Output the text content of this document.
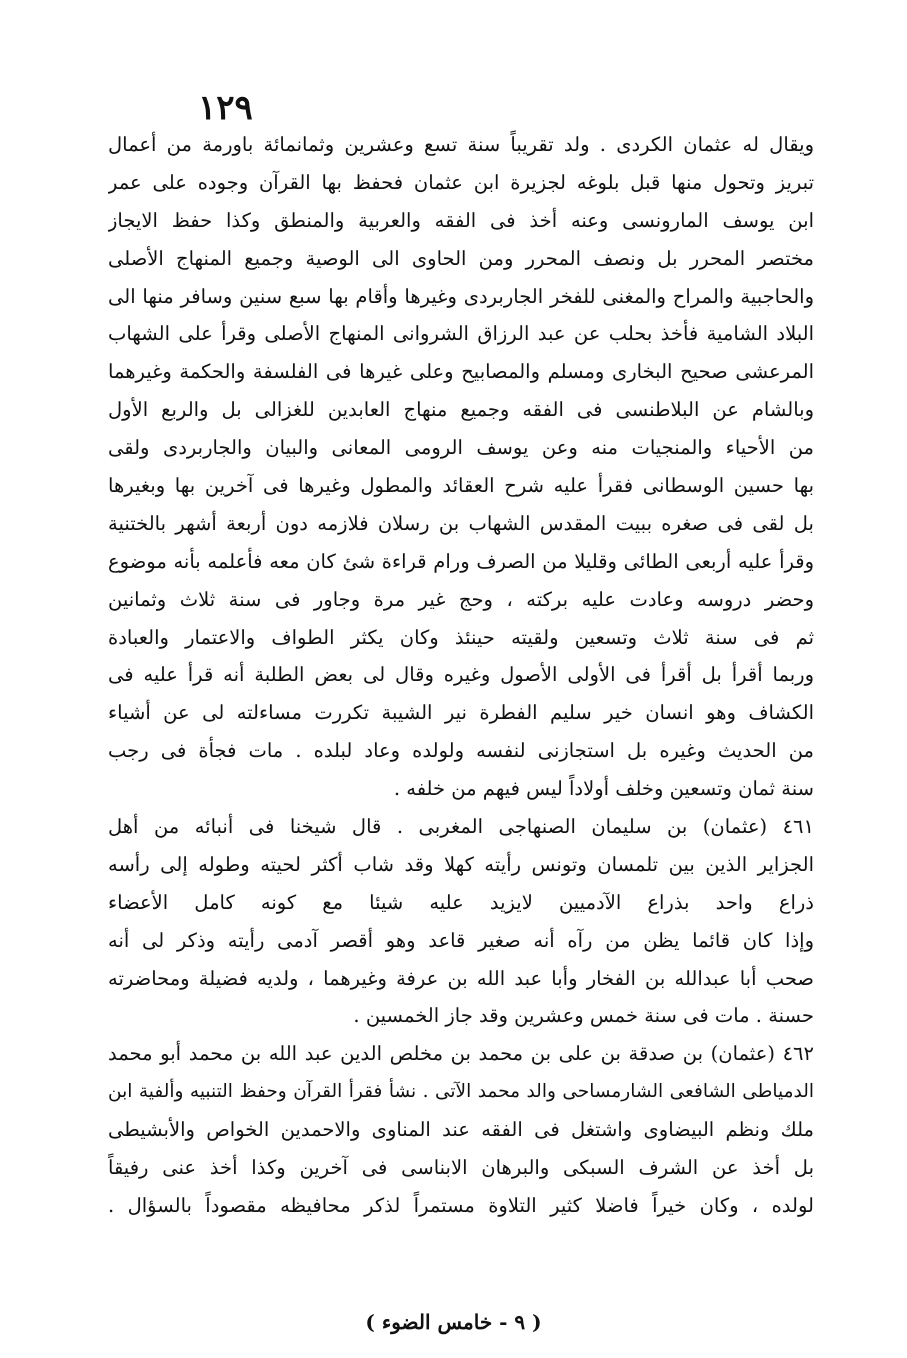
١٢٩
ويقال له عثمان الكردى . ولد تقريباً سنة تسع وعشرين وثمانمائة باورمة من أعمال
تبريز وتحول منها قبل بلوغه لجزيرة ابن عثمان فحفظ بها القرآن وجوده على عمر
ابن يوسف المارونسى وعنه أخذ فى الفقه والعربية والمنطق وكذا حفظ الايجاز
مختصر المحرر بل ونصف المحرر ومن الحاوى الى الوصية وجميع المنهاج الأصلى
والحاجبية والمراح والمغنى للفخر الجاربردى وغيرها وأقام بها سبع سنين وسافر منها الى
البلاد الشامية فأخذ بحلب عن عبد الرزاق الشروانى المنهاج الأصلى وقرأ على الشهاب
المرعشى صحيح البخارى ومسلم والمصابيح وعلى غيرها فى الفلسفة والحكمة وغيرهما
وبالشام عن البلاطنسى فى الفقه وجميع منهاج العابدين للغزالى بل والربع الأول
من الأحياء والمنجيات منه وعن يوسف الرومى المعانى والبيان والجاربردى ولقى
بها حسين الوسطانى فقرأ عليه شرح العقائد والمطول وغيرها فى آخرين بها وبغيرها
بل لقى فى صغره ببيت المقدس الشهاب بن رسلان فلازمه دون أربعة أشهر بالختنية
وقرأ عليه أربعى الطائى وقليلا من الصرف ورام قراءة شئ كان معه فأعلمه بأنه موضوع
وحضر دروسه وعادت عليه بركته ، وحج غير مرة وجاور فى سنة ثلاث وثمانين
ثم فى سنة ثلاث وتسعين ولقيته حينئذ وكان يكثر الطواف والاعتمار والعبادة
وربما أقرأ بل أقرأ فى الأولى الأصول وغيره وقال لى بعض الطلبة أنه قرأ عليه فى
الكشاف وهو انسان خير سليم الفطرة نير الشيبة تكررت مساءلته لى عن أشياء
من الحديث وغيره بل استجازنى لنفسه ولولده وعاد لبلده . مات فجأة فى رجب
سنة ثمان وتسعين وخلف أولاداً ليس فيهم من خلفه .
٤٦١ (عثمان) بن سليمان الصنهاجى المغربى . قال شيخنا فى أنبائه من أهل
الجزاير الذين بين تلمسان وتونس رأيته كهلا وقد شاب أكثر لحيته وطوله إلى رأسه
ذراع واحد بذراع الآدميين لايزيد عليه شيئا مع كونه كامل الأعضاء
وإذا كان قائما يظن من رآه أنه صغير قاعد وهو أقصر آدمى رأيته وذكر لى أنه
صحب أبا عبدالله بن الفخار وأبا عبد الله بن عرفة وغيرهما ، ولديه فضيلة ومحاضرته
حسنة . مات فى سنة خمس وعشرين وقد جاز الخمسين .
٤٦٢ (عثمان) بن صدقة بن على بن محمد بن مخلص الدين عبد الله بن محمد أبو محمد
الدمياطى الشافعى الشارمساحى والد محمد الآتى . نشأ فقرأ القرآن وحفظ التنبيه وألفية ابن
ملك ونظم البيضاوى واشتغل فى الفقه عند المناوى والاحمدين الخواص والأبشيطى
بل أخذ عن الشرف السبكى والبرهان الابناسى فى آخرين وكذا أخذ عنى رفيقاً
لولده ، وكان خيراً فاضلا كثير التلاوة مستمراً لذكر محافيظه مقصوداً بالسؤال .
( ٩ - خامس الضوء )
